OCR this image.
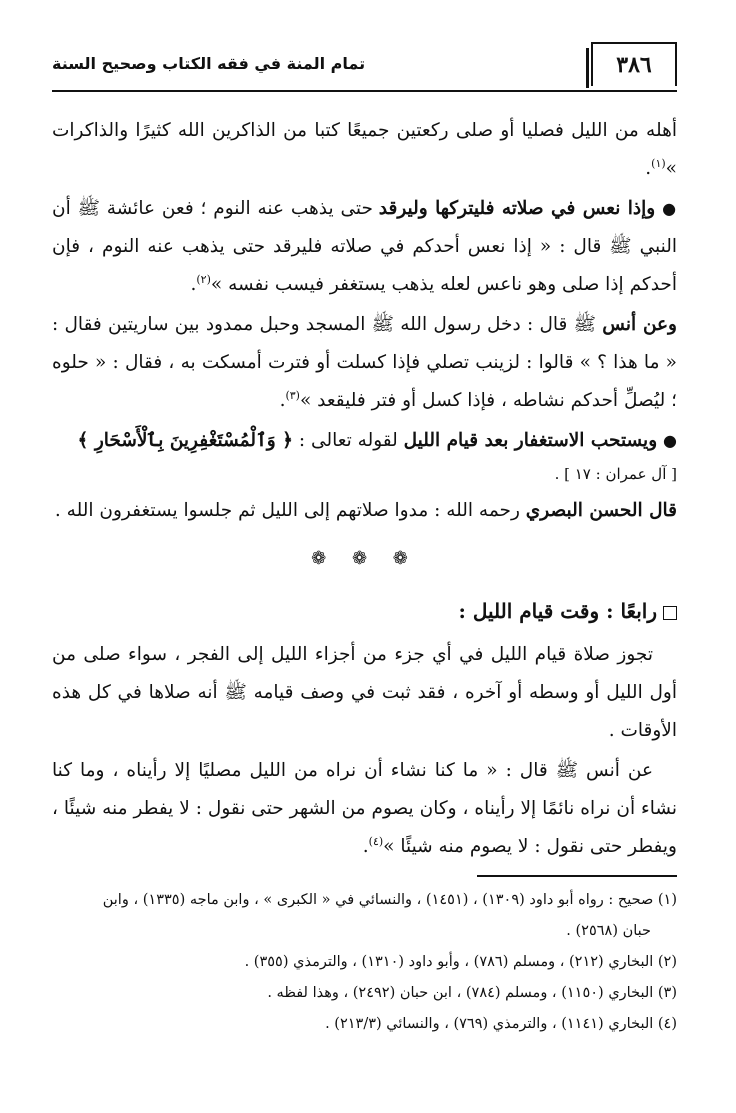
٣٨٦
تمام المنة في فقه الكتاب وصحيح السنة

أهله من الليل فصليا أو صلى ركعتين جميعًا كتبا من الذاكرين الله كثيرًا والذاكرات »$^{(١)}$.

● وإذا نعس في صلاته فليتركها وليرقد حتى يذهب عنه النوم ؛ فعن عائشة ﷺ أن النبي ﷺ قال : « إذا نعس أحدكم في صلاته فليرقد حتى يذهب عنه النوم ، فإن أحدكم إذا صلى وهو ناعس لعله يذهب يستغفر فيسب نفسه »$^{(٢)}$.

وعن أنس ﷺ قال : دخل رسول الله ﷺ المسجد وحبل ممدود بين ساريتين فقال : « ما هذا ؟ » قالوا : لزينب تصلي فإذا كسلت أو فترت أمسكت به ، فقال : « حلوه ؛ ليُصلِّ أحدكم نشاطه ، فإذا كسل أو فتر فليقعد »$^{(٣)}$.

● ويستحب الاستغفار بعد قيام الليل لقوله تعالى : ﴿ وَٱلْمُسْتَغْفِرِينَ بِٱلْأَسْحَارِ ﴾

[ آل عمران : ١٧ ] .

قال الحسن البصري رحمه الله : مدوا صلاتهم إلى الليل ثم جلسوا يستغفرون الله .

❁ ❁ ❁

رابعًا : وقت قيام الليل :

تجوز صلاة قيام الليل في أي جزء من أجزاء الليل إلى الفجر ، سواء صلى من أول الليل أو وسطه أو آخره ، فقد ثبت في وصف قيامه ﷺ أنه صلاها في كل هذه الأوقات .

عن أنس ﷺ قال : « ما كنا نشاء أن نراه من الليل مصليًا إلا رأيناه ، وما كنا نشاء أن نراه نائمًا إلا رأيناه ، وكان يصوم من الشهر حتى نقول : لا يفطر منه شيئًا ، ويفطر حتى نقول : لا يصوم منه شيئًا »$^{(٤)}$.

(١) صحيح : رواه أبو داود (١٣٠٩) ، (١٤٥١) ، والنسائي في « الكبرى » ، وابن ماجه (١٣٣٥) ، وابن

حبان (٢٥٦٨) .

(٢) البخاري (٢١٢) ، ومسلم (٧٨٦) ، وأبو داود (١٣١٠) ، والترمذي (٣٥٥) .

(٣) البخاري (١١٥٠) ، ومسلم (٧٨٤) ، ابن حبان (٢٤٩٢) ، وهذا لفظه .

(٤) البخاري (١١٤١) ، والترمذي (٧٦٩) ، والنسائي (٢١٣/٣) .
